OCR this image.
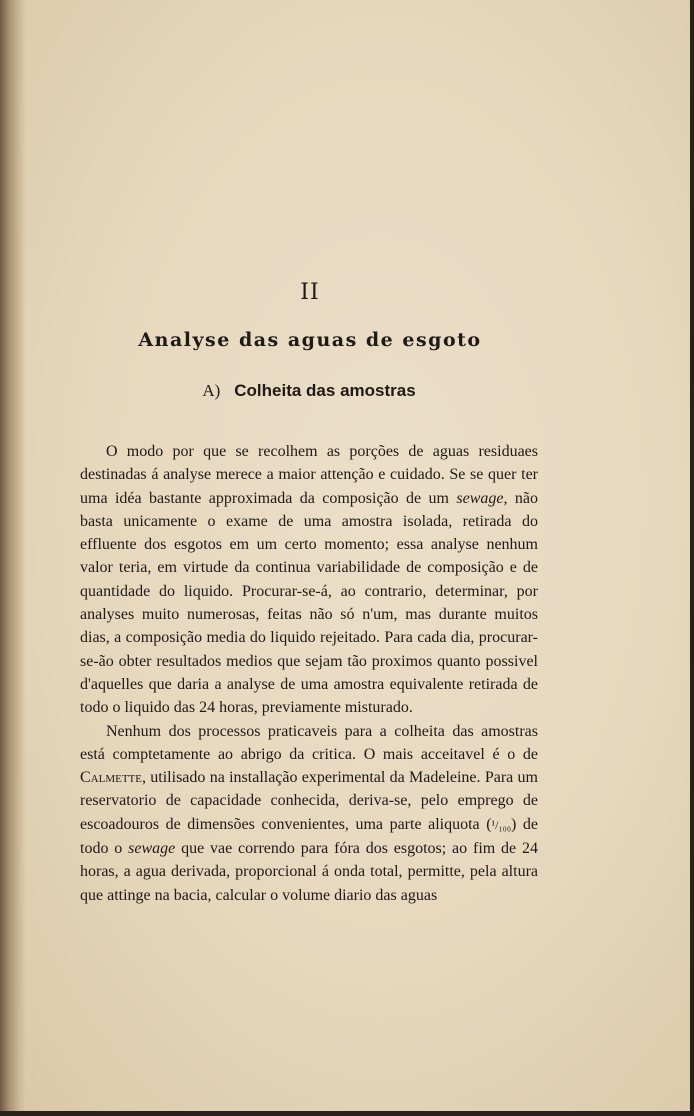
II
Analyse das aguas de esgoto
A) Colheita das amostras

O modo por que se recolhem as porções de aguas residuaes destinadas á analyse merece a maior attenção e cuidado. Se se quer ter uma idéa bastante approximada da composição de um sewage, não basta unicamente o exame de uma amostra isolada, retirada do effluente dos esgotos em um certo momento; essa analyse nenhum valor teria, em virtude da continua variabilidade de composição e de quantidade do liquido. Procurar-se-á, ao contrario, determinar, por analyses muito numerosas, feitas não só n'um, mas durante muitos dias, a composição media do liquido rejeitado. Para cada dia, procurar-se-ão obter resultados medios que sejam tão proximos quanto possivel d'aquelles que daria a analyse de uma amostra equivalente retirada de todo o liquido das 24 horas, previamente misturado.

Nenhum dos processos praticaveis para a colheita das amostras está comptetamente ao abrigo da critica. O mais acceitavel é o de Calmette, utilisado na installação experimental da Madeleine. Para um reservatorio de capacidade conhecida, deriva-se, pelo emprego de escoadouros de dimensões convenientes, uma parte aliquota (¹/₁₀₀) de todo o sewage que vae correndo para fóra dos esgotos; ao fim de 24 horas, a agua derivada, proporcional á onda total, permitte, pela altura que attinge na bacia, calcular o volume diario das aguas
